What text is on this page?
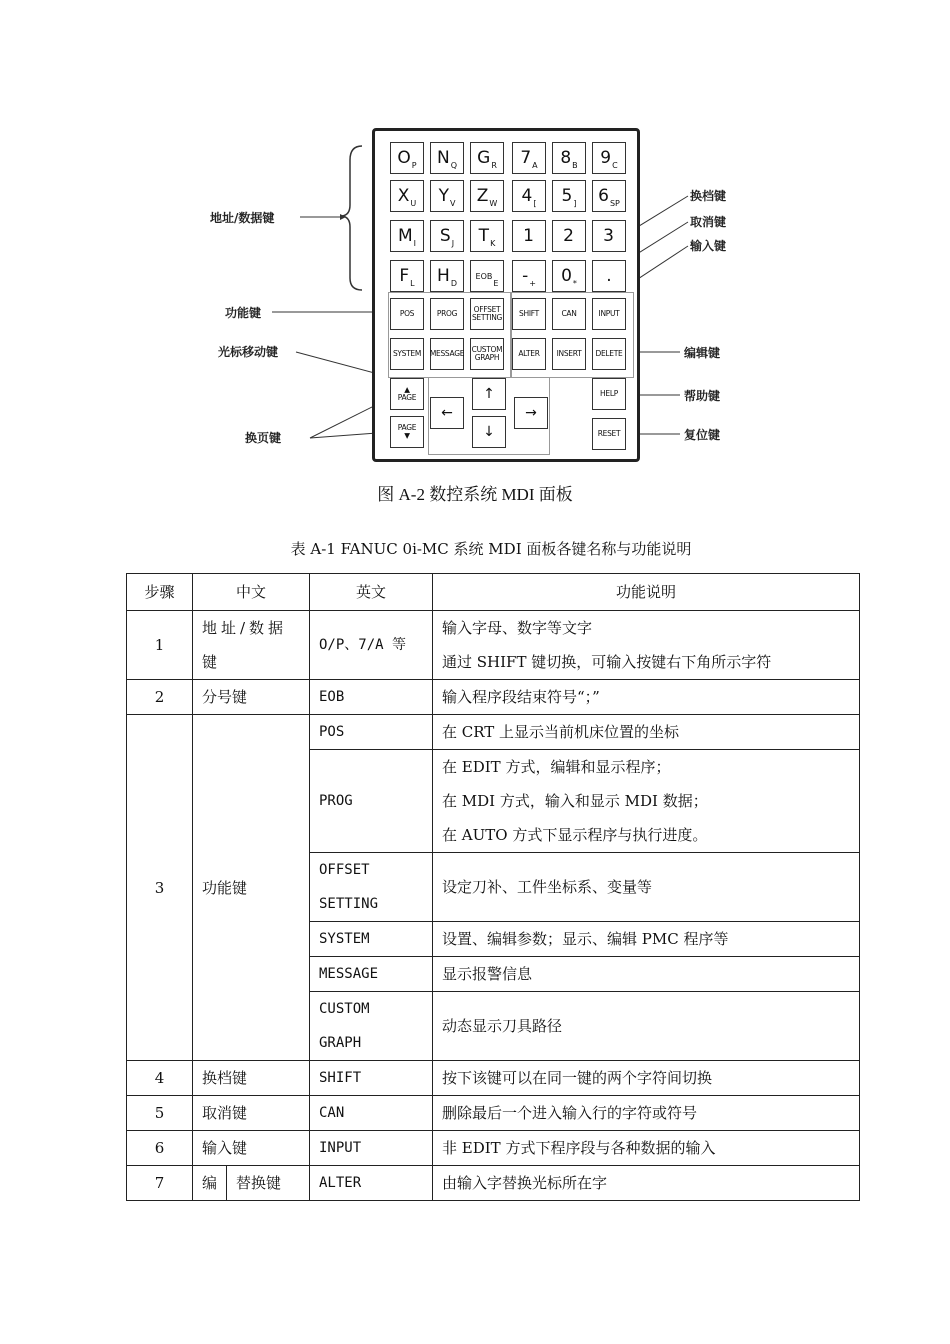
O P N Q G R 7 A 8 B 9 C
X U Y V Z W 4 [ 5 ] 6 SP
M I S J T K 1 2 3
F L H D
EOB
E - + 0 * .
POS	PROG	OFFSET SETTING	SHIFT	CAN	INPUT
SYSTEM	MESSAGE CUSTOM GRAPH	ALTER	INSERT	DELETE
▲
PAGE
PAGE
▼
↑
←	→
↓
HELP
RESET
地址/数据键
功能键
光标移动键
换页键
换档键
取消键
输入键
编辑键
帮助键
复位键
图 A-2 数控系统 MDI 面板
表 A-1 FANUC 0i-MC 系统 MDI 面板各键名称与功能说明
步骤	中文	英文	功能说明
1	地址/数据键	O/P、7/A 等	输入字母、数字等文字
通过 SHIFT 键切换，可输入按键右下角所示字符

2	分号键	EOB	输入程序段结束符号“；”
3	功能键	POS	在 CRT 上显示当前机床位置的坐标
		PROG	在 EDIT 方式，编辑和显示程序；
在 MDI 方式，输入和显示 MDI 数据；
在 AUTO 方式下显示程序与执行进度。

		OFFSET
SETTING	设定刀补、工件坐标系、变量等
		SYSTEM	设置、编辑参数；显示、编辑 PMC 程序等
		MESSAGE	显示报警信息

		CUSTOM
GRAPH	动态显示刀具路径
4	换档键	SHIFT	按下该键可以在同一键的两个字符间切换
5	取消键	CAN	删除最后一个进入输入行的字符或符号
6	输入键	INPUT	非 EDIT 方式下程序段与各种数据的输入
7	编 替换键	ALTER	由输入字替换光标所在字
